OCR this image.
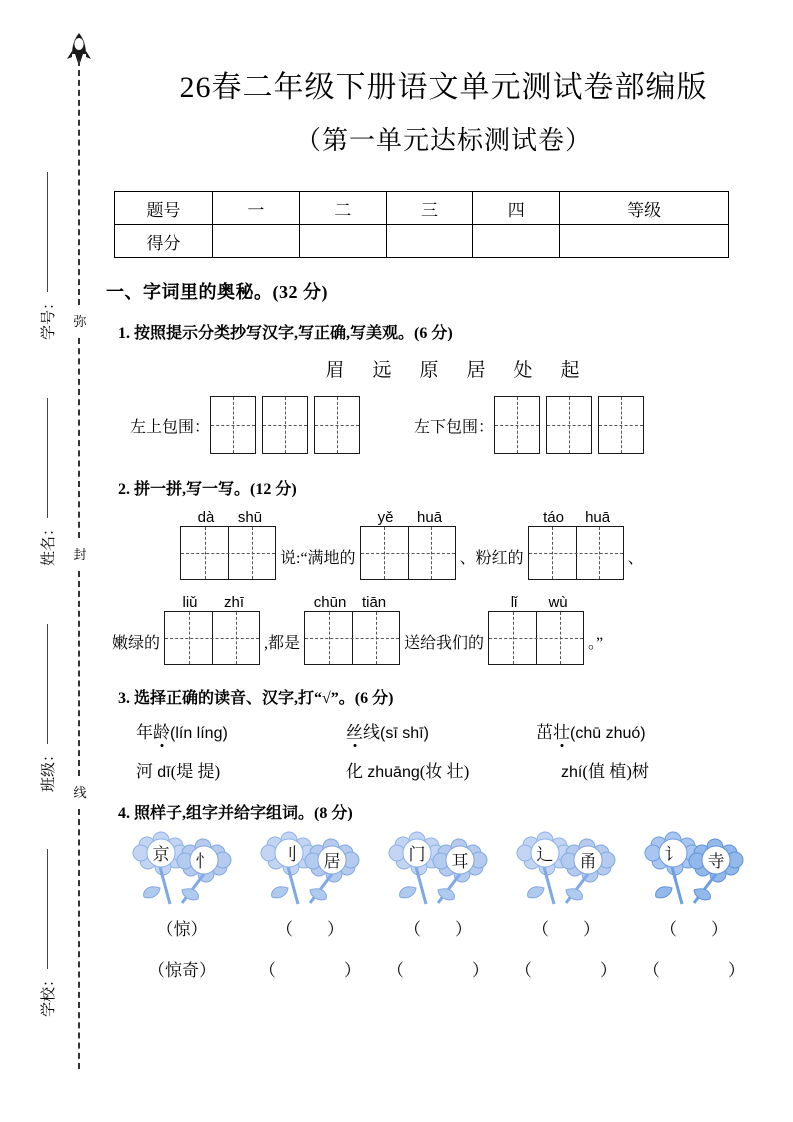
弥
封
线
学校：
班级：
姓名：
学号：
26春二年级下册语文单元测试卷部编版
（第一单元达标测试卷）
题号	一	二	三	四	等级
得分					
一、字词里的奥秘。(32 分)
1. 按照提示分类抄写汉字,写正确,写美观。(6 分)
眉远原居处起
左上包围：	左下包围：
2. 拼一拼,写一写。(12 分)
dà shū
说:“满地的
yě huā
、粉红的
táo huā
、
嫩绿的
liǔ zhī
,都是
chūn tiān
送给我们的
lǐ wù
。”
3. 选择正确的读音、汉字,打“√”。(6 分)
年龄(lín líng)	丝线(sī shī)	茁壮(chū zhuó)
河 dī(堤 提)	化 zhuāng(妆 壮)	zhí(值 植)树
4. 照样子,组字并给字组词。(8 分)
京 忄
（惊）
（惊奇）
刂 居
（　　）
（　　　　）
门 耳
（　　）
（　　　　）
辶 甬
（　　）
（　　　　）
讠 寺
（　　）
（　　　　）
